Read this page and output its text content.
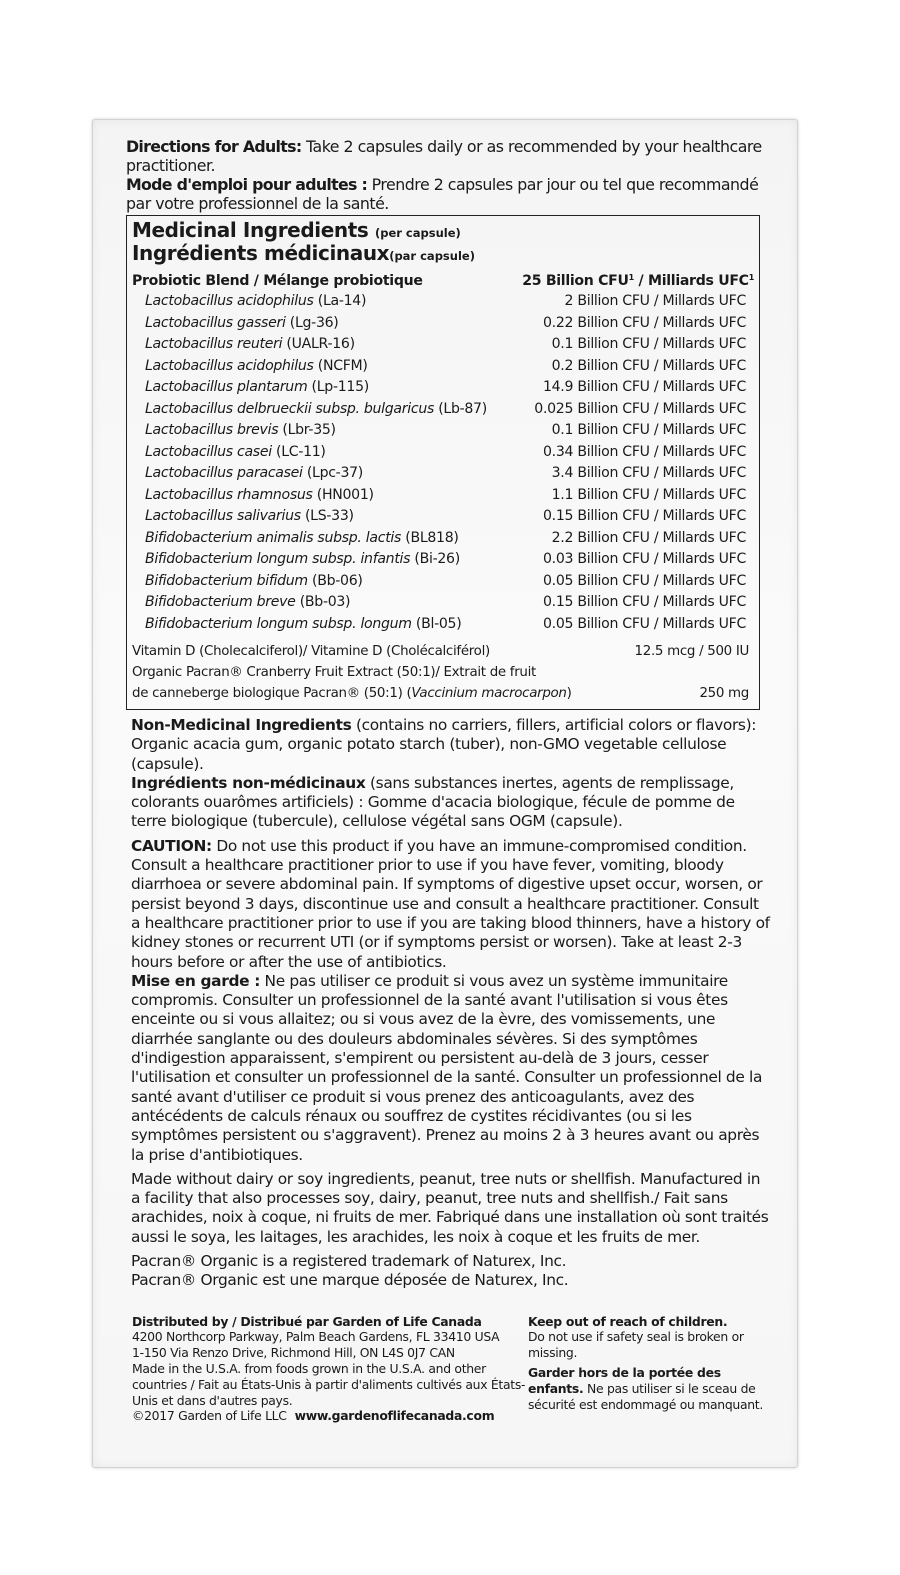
Directions for Adults: Take 2 capsules daily or as recommended by your healthcare practitioner.
Mode d'emploi pour adultes : Prendre 2 capsules par jour ou tel que recommandé par votre professionnel de la santé.
Medicinal Ingredients (per capsule)
Ingrédients médicinaux(par capsule)
Probiotic Blend / Mélange probiotique	25 Billion CFU$^1$ / Milliards UFC$^1$
Lactobacillus acidophilus (La-14)	2 Billion CFU / Millards UFC
Lactobacillus gasseri (Lg-36)	0.22 Billion CFU / Millards UFC
Lactobacillus reuteri (UALR-16)	0.1 Billion CFU / Millards UFC
Lactobacillus acidophilus (NCFM)	0.2 Billion CFU / Millards UFC
Lactobacillus plantarum (Lp-115)	14.9 Billion CFU / Millards UFC
Lactobacillus delbrueckii subsp. bulgaricus (Lb-87)	0.025 Billion CFU / Millards UFC
Lactobacillus brevis (Lbr-35)	0.1 Billion CFU / Millards UFC
Lactobacillus casei (LC-11)	0.34 Billion CFU / Millards UFC
Lactobacillus paracasei (Lpc-37)	3.4 Billion CFU / Millards UFC
Lactobacillus rhamnosus (HN001)	1.1 Billion CFU / Millards UFC
Lactobacillus salivarius (LS-33)	0.15 Billion CFU / Millards UFC
Bifidobacterium animalis subsp. lactis (BL818)	2.2 Billion CFU / Millards UFC
Bifidobacterium longum subsp. infantis (Bi-26)	0.03 Billion CFU / Millards UFC
Bifidobacterium bifidum (Bb-06)	0.05 Billion CFU / Millards UFC
Bifidobacterium breve (Bb-03)	0.15 Billion CFU / Millards UFC
Bifidobacterium longum subsp. longum (Bl-05)	0.05 Billion CFU / Millards UFC
Vitamin D (Cholecalciferol)/ Vitamine D (Cholécalciférol)	12.5 mcg / 500 IU
Organic Pacran® Cranberry Fruit Extract (50:1)/ Extrait de fruit
de canneberge biologique Pacran® (50:1) (Vaccinium macrocarpon)	250 mg

Non-Medicinal Ingredients (contains no carriers, fillers, artificial colors or flavors): Organic acacia gum, organic potato starch (tuber), non-GMO vegetable cellulose (capsule).

Ingrédients non-médicinaux (sans substances inertes, agents de remplissage, colorants ouarômes artificiels) : Gomme d'acacia biologique, fécule de pomme de terre biologique (tubercule), cellulose végétal sans OGM (capsule).

CAUTION: Do not use this product if you have an immune-compromised condition. Consult a healthcare practitioner prior to use if you have fever, vomiting, bloody diarrhoea or severe abdominal pain. If symptoms of digestive upset occur, worsen, or persist beyond 3 days, discontinue use and consult a healthcare practitioner. Consult a healthcare practitioner prior to use if you are taking blood thinners, have a history of kidney stones or recurrent UTI (or if symptoms persist or worsen). Take at least 2-3 hours before or after the use of antibiotics.

Mise en garde : Ne pas utiliser ce produit si vous avez un système immunitaire compromis. Consulter un professionnel de la santé avant l'utilisation si vous êtes enceinte ou si vous allaitez; ou si vous avez de la èvre, des vomissements, une diarrhée sanglante ou des douleurs abdominales sévères. Si des symptômes d'indigestion apparaissent, s'empirent ou persistent au-delà de 3 jours, cesser l'utilisation et consulter un professionnel de la santé. Consulter un professionnel de la santé avant d'utiliser ce produit si vous prenez des anticoagulants, avez des antécédents de calculs rénaux ou souffrez de cystites récidivantes (ou si les symptômes persistent ou s'aggravent). Prenez au moins 2 à 3 heures avant ou après la prise d'antibiotiques.

Made without dairy or soy ingredients, peanut, tree nuts or shellfish. Manufactured in a facility that also processes soy, dairy, peanut, tree nuts and shellfish./ Fait sans arachides, noix à coque, ni fruits de mer. Fabriqué dans une installation où sont traités aussi le soya, les laitages, les arachides, les noix à coque et les fruits de mer.

Pacran® Organic is a registered trademark of Naturex, Inc.

Pacran® Organic est une marque déposée de Naturex, Inc.

Distributed by / Distribué par Garden of Life Canada
4200 Northcorp Parkway, Palm Beach Gardens, FL 33410 USA
1-150 Via Renzo Drive, Richmond Hill, ON L4S 0J7 CAN
Made in the U.S.A. from foods grown in the U.S.A. and other countries / Fait au États-Unis à partir d'aliments cultivés aux États-Unis et dans d'autres pays.
©2017 Garden of Life LLC www.gardenoflifecanada.com
Keep out of reach of children.
Do not use if safety seal is broken or missing.
Garder hors de la portée des enfants. Ne pas utiliser si le sceau de sécurité est endommagé ou manquant.
